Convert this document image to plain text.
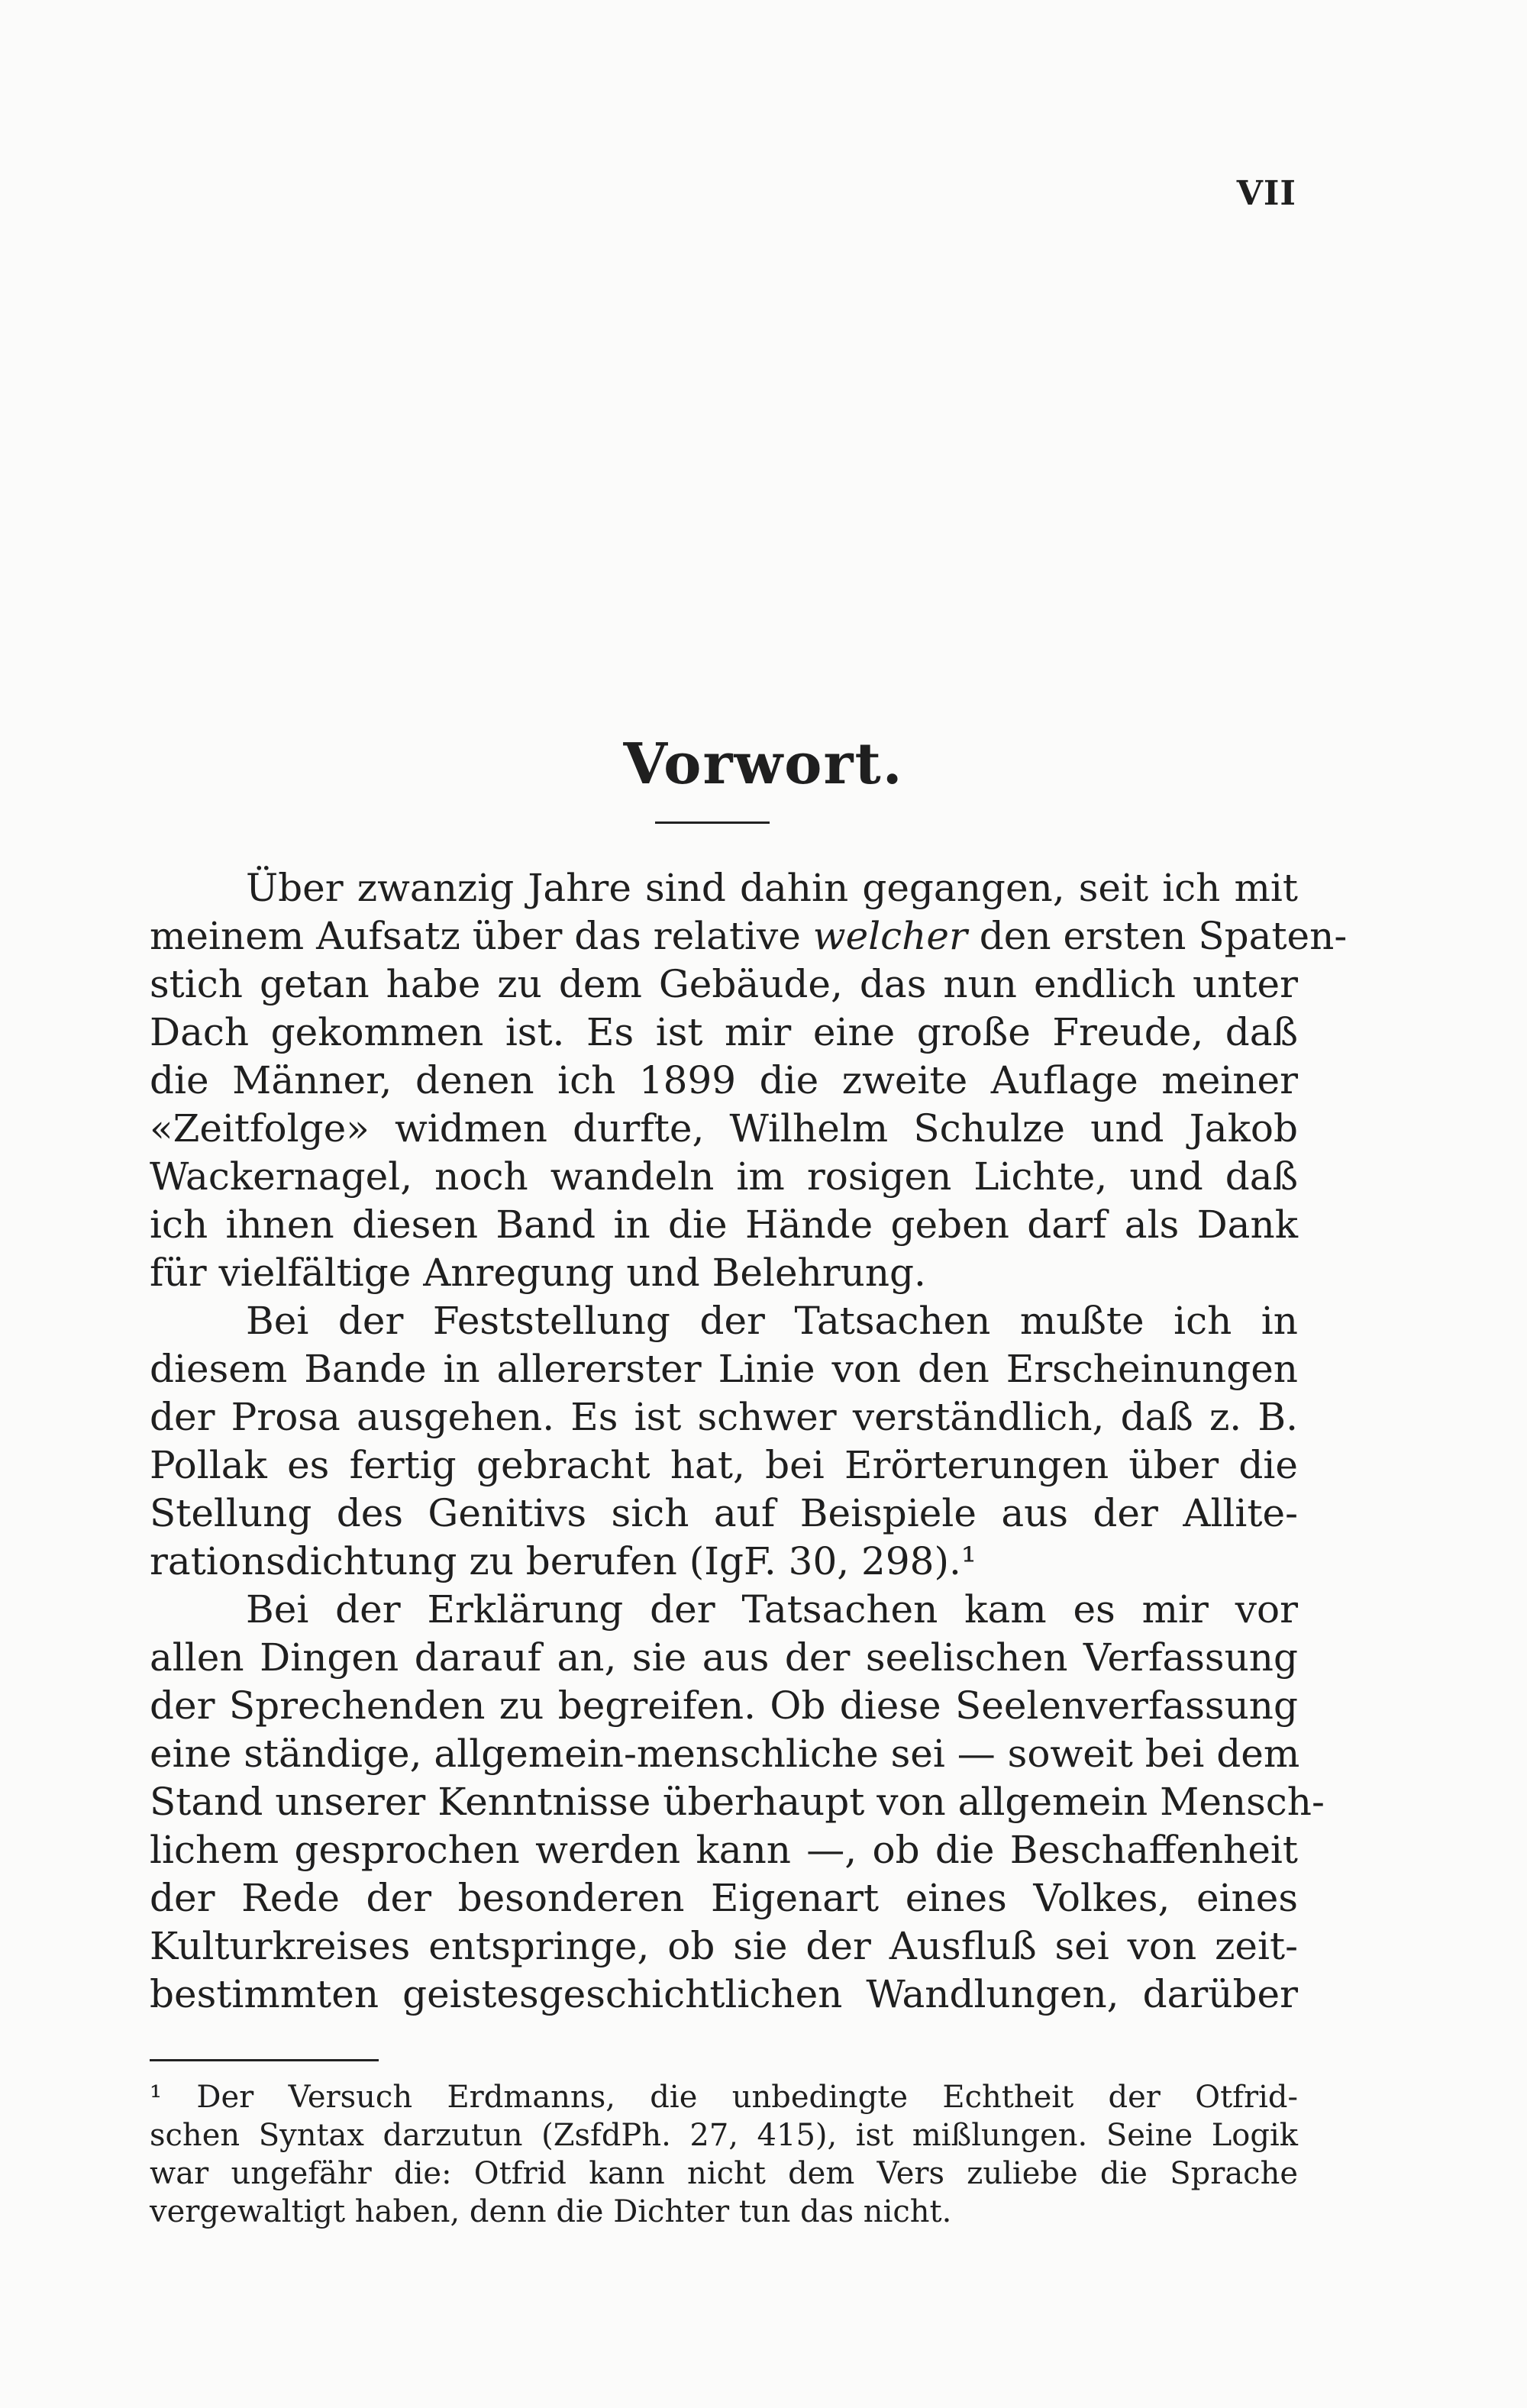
VII
Vorwort.
Über zwanzig Jahre sind dahin gegangen, seit ich mit
meinem Aufsatz über das relative welcher den ersten Spaten-
stich getan habe zu dem Gebäude, das nun endlich unter
Dach gekommen ist. Es ist mir eine große Freude, daß
die Männer, denen ich 1899 die zweite Auflage meiner
«Zeitfolge» widmen durfte, Wilhelm Schulze und Jakob
Wackernagel, noch wandeln im rosigen Lichte, und daß
ich ihnen diesen Band in die Hände geben darf als Dank
für vielfältige Anregung und Belehrung.
Bei der Feststellung der Tatsachen mußte ich in
diesem Bande in allererster Linie von den Erscheinungen
der Prosa ausgehen. Es ist schwer verständlich, daß z. B.
Pollak es fertig gebracht hat, bei Erörterungen über die
Stellung des Genitivs sich auf Beispiele aus der Allite-
rationsdichtung zu berufen (IgF. 30, 298).¹
Bei der Erklärung der Tatsachen kam es mir vor
allen Dingen darauf an, sie aus der seelischen Verfassung
der Sprechenden zu begreifen. Ob diese Seelenverfassung
eine ständige, allgemein-menschliche sei — soweit bei dem
Stand unserer Kenntnisse überhaupt von allgemein Mensch-
lichem gesprochen werden kann —, ob die Beschaffenheit
der Rede der besonderen Eigenart eines Volkes, eines
Kulturkreises entspringe, ob sie der Ausfluß sei von zeit-
bestimmten geistesgeschichtlichen Wandlungen, darüber
¹ Der Versuch Erdmanns, die unbedingte Echtheit der Otfrid-
schen Syntax darzutun (ZsfdPh. 27, 415), ist mißlungen. Seine Logik
war ungefähr die: Otfrid kann nicht dem Vers zuliebe die Sprache
vergewaltigt haben, denn die Dichter tun das nicht.
